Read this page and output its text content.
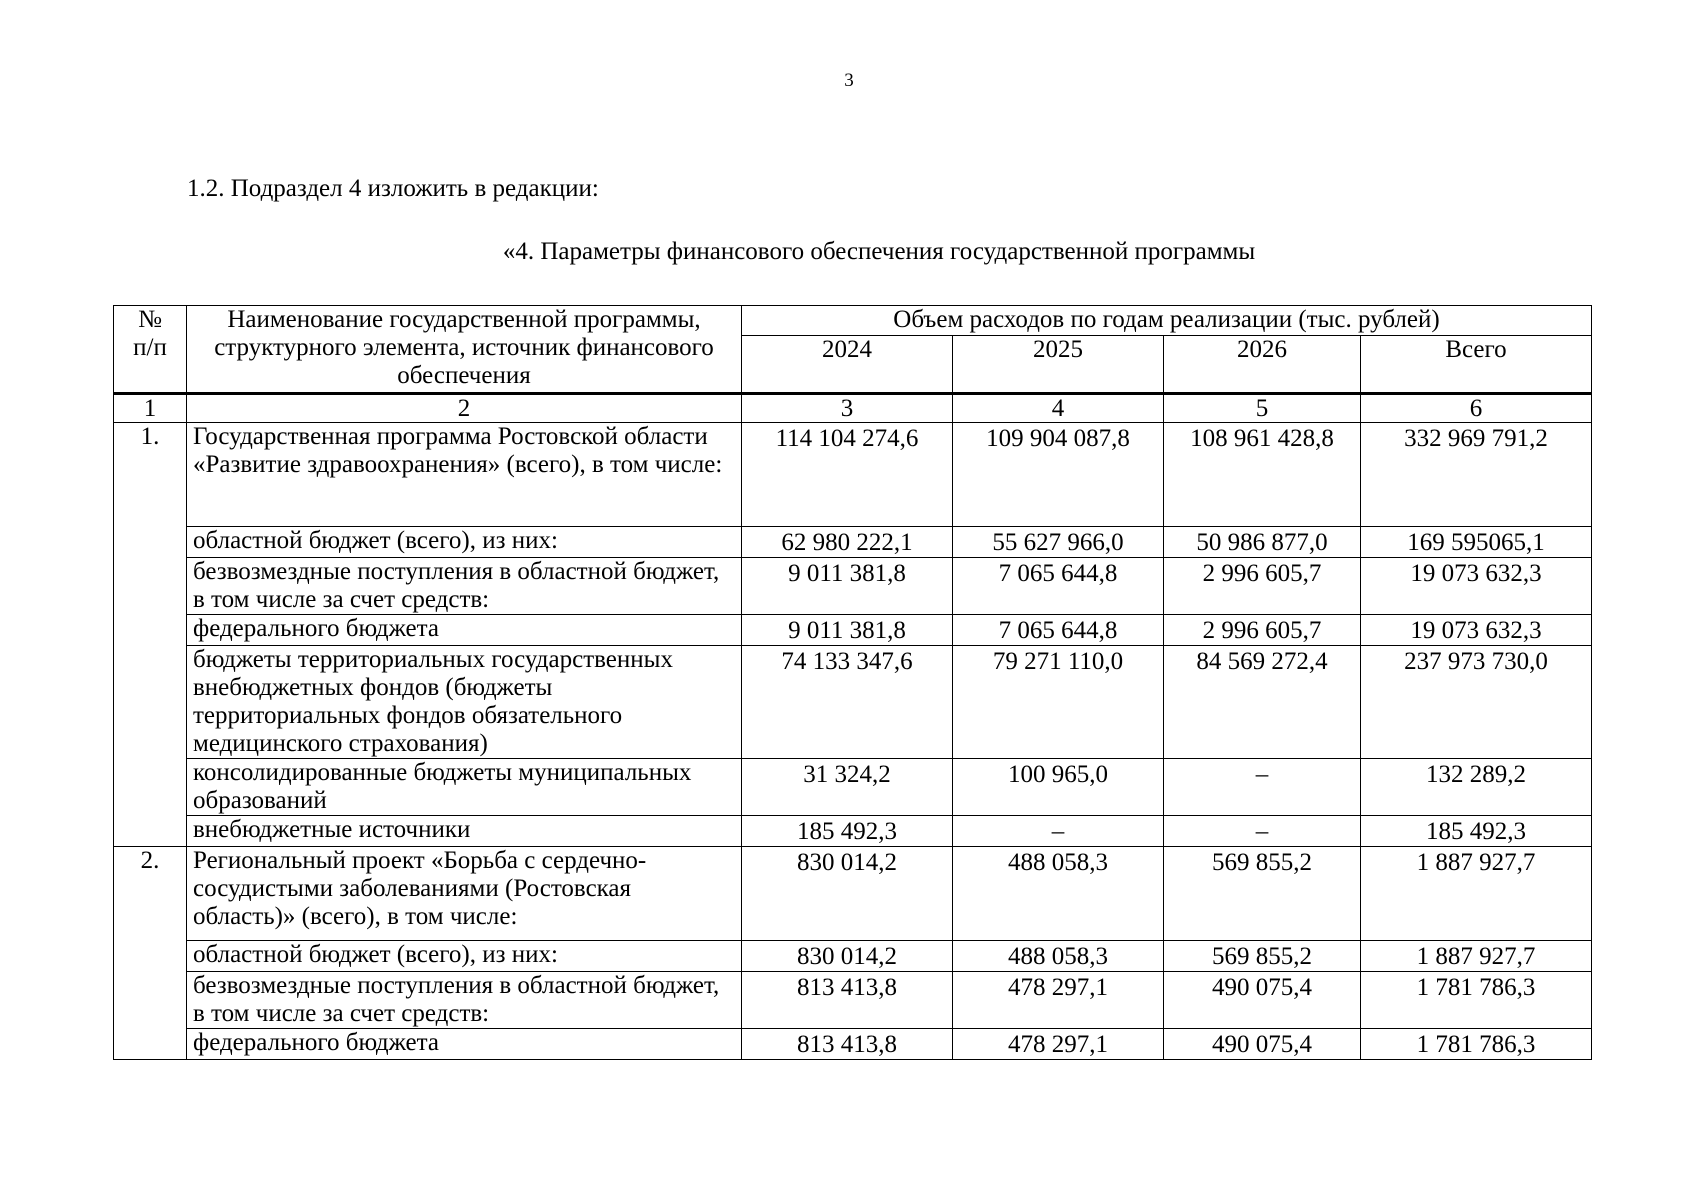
3
1.2. Подраздел 4 изложить в редакции:
«4. Параметры финансового обеспечения государственной программы
№
п/п	Наименование государственной программы, структурного элемента, источник финансового обеспечения	Объем расходов по годам реализации (тыс. рублей)			
		2024	2025	2026	Всего
1	2	3	4	5	6
1.	Государственная программа Ростовской области «Развитие здравоохранения» (всего), в том числе:	114 104 274,6	109 904 087,8	108 961 428,8	332 969 791,2
	областной бюджет (всего), из них:	62 980 222,1	55 627 966,0	50 986 877,0	169 595065,1
	безвозмездные поступления в областной бюджет, в том числе за счет средств:	9 011 381,8	7 065 644,8	2 996 605,7	19 073 632,3
	федерального бюджета	9 011 381,8	7 065 644,8	2 996 605,7	19 073 632,3
	бюджеты территориальных государственных внебюджетных фондов (бюджеты территориальных фондов обязательного медицинского страхования)	74 133 347,6	79 271 110,0	84 569 272,4	237 973 730,0
	консолидированные бюджеты муниципальных образований	31 324,2	100 965,0	–	132 289,2
	внебюджетные источники	185 492,3	–	–	185 492,3
2.	Региональный проект «Борьба с сердечно-сосудистыми заболеваниями (Ростовская область)» (всего), в том числе:	830 014,2	488 058,3	569 855,2	1 887 927,7
	областной бюджет (всего), из них:	830 014,2	488 058,3	569 855,2	1 887 927,7
	безвозмездные поступления в областной бюджет, в том числе за счет средств:	813 413,8	478 297,1	490 075,4	1 781 786,3
	федерального бюджета	813 413,8	478 297,1	490 075,4	1 781 786,3
